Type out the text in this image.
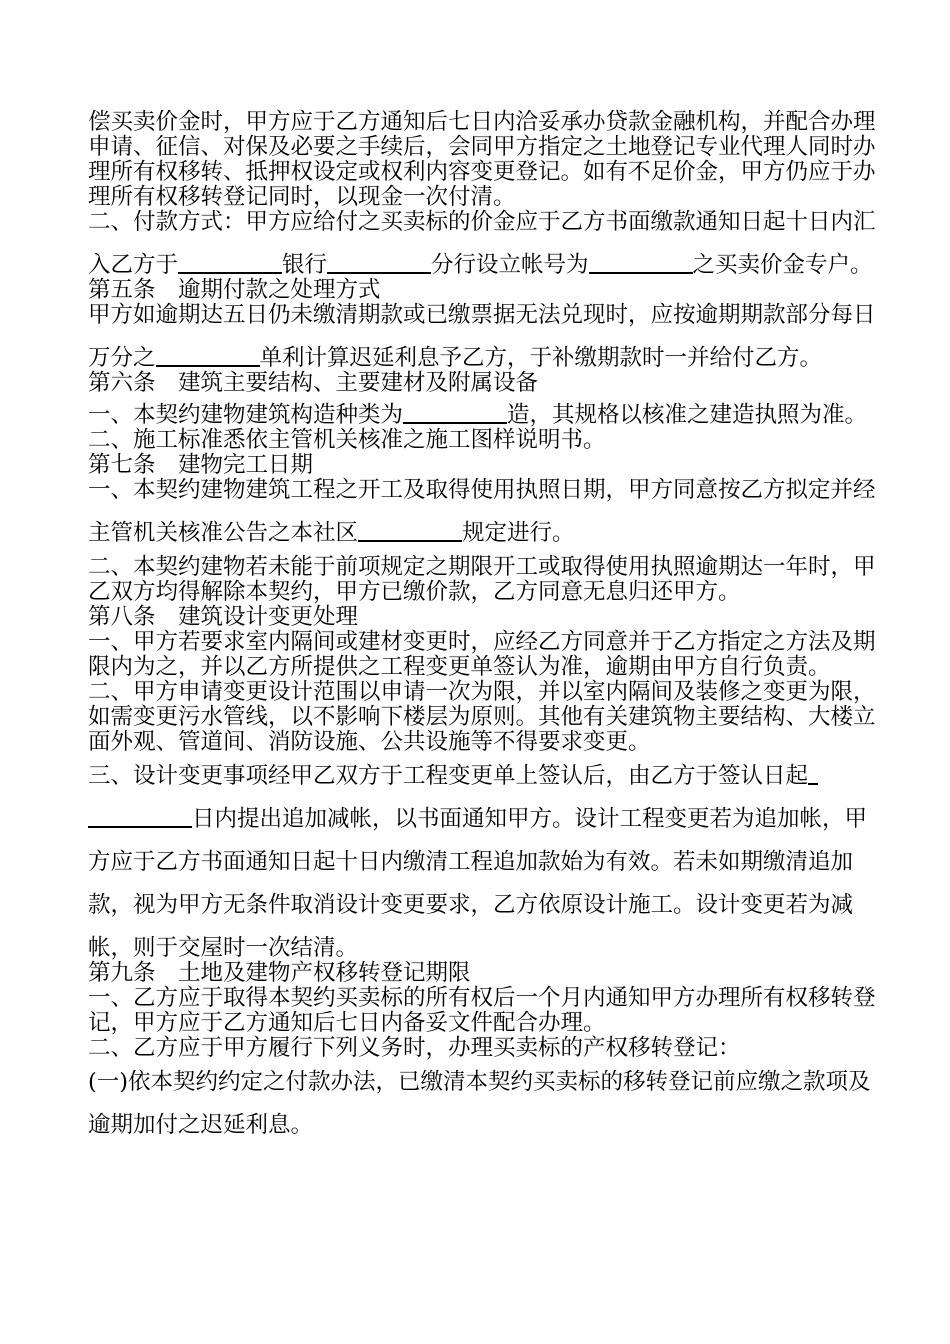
偿买卖价金时，甲方应于乙方通知后七日内洽妥承办贷款金融机构，并配合办理申请、征信、对保及必要之手续后，会同甲方指定之土地登记专业代理人同时办理所有权移转、抵押权设定或权利内容变更登记。如有不足价金，甲方仍应于办理所有权移转登记同时，以现金一次付清。

二、付款方式：甲方应给付之买卖标的价金应于乙方书面缴款通知日起十日内汇入乙方于	银行	分行设立帐号为	之买卖价金专户。

第五条　逾期付款之处理方式

甲方如逾期达五日仍未缴清期款或已缴票据无法兑现时，应按逾期期款部分每日万分之	单利计算迟延利息予乙方，于补缴期款时一并给付乙方。

第六条　建筑主要结构、主要建材及附属设备

一、本契约建物建筑构造种类为	造，其规格以核准之建造执照为准。

二、施工标准悉依主管机关核准之施工图样说明书。

第七条　建物完工日期

一、本契约建物建筑工程之开工及取得使用执照日期，甲方同意按乙方拟定并经主管机关核准公告之本社区	规定进行。

二、本契约建物若未能于前项规定之期限开工或取得使用执照逾期达一年时，甲乙双方均得解除本契约，甲方已缴价款，乙方同意无息归还甲方。

第八条　建筑设计变更处理

一、甲方若要求室内隔间或建材变更时，应经乙方同意并于乙方指定之方法及期限内为之，并以乙方所提供之工程变更单签认为准，逾期由甲方自行负责。

二、甲方申请变更设计范围以申请一次为限，并以室内隔间及装修之变更为限，如需变更污水管线，以不影响下楼层为原则。其他有关建筑物主要结构、大楼立面外观、管道间、消防设施、公共设施等不得要求变更。

三、设计变更事项经甲乙双方于工程变更单上签认后，由乙方于签认日起
日内提出追加减帐，以书面通知甲方。设计工程变更若为追加帐，甲方应于乙方书面通知日起十日内缴清工程追加款始为有效。若未如期缴清追加款，视为甲方无条件取消设计变更要求，乙方依原设计施工。设计变更若为减帐，则于交屋时一次结清。

第九条　土地及建物产权移转登记期限

一、乙方应于取得本契约买卖标的所有权后一个月内通知甲方办理所有权移转登记，甲方应于乙方通知后七日内备妥文件配合办理。

二、乙方应于甲方履行下列义务时，办理买卖标的产权移转登记：

(一)依本契约约定之付款办法，已缴清本契约买卖标的移转登记前应缴之款项及逾期加付之迟延利息。
